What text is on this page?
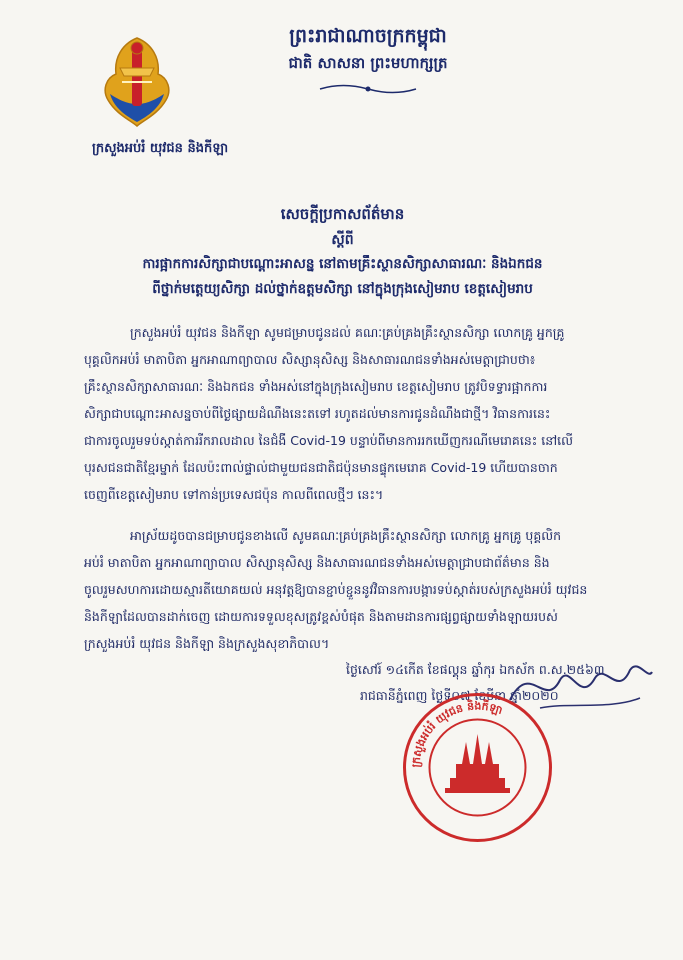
ក្រសួងអប់រំ យុវជន និងកីឡា
ព្រះរាជាណាចក្រកម្ពុជា
ជាតិ សាសនា ព្រះមហាក្សត្រ
សេចក្តីប្រកាសព័ត៌មាន
ស្តីពី
ការផ្អាកការសិក្សាជាបណ្តោះអាសន្ន នៅតាមគ្រឹះស្ថានសិក្សាសាធារណៈ និងឯកជន
ពីថ្នាក់មត្តេយ្យសិក្សា ដល់ថ្នាក់ឧត្តមសិក្សា នៅក្នុងក្រុងសៀមរាប ខេត្តសៀមរាប
ក្រសួងអប់រំ យុវជន និងកីឡា សូមជម្រាបជូនដល់ គណៈគ្រប់គ្រងគ្រឹះស្ថានសិក្សា លោកគ្រូ អ្នកគ្រូ
បុគ្គលិកអប់រំ មាតាបិតា អ្នកអាណាព្យាបាល សិស្សានុសិស្ស និងសាធារណជនទាំងអស់មេត្តាជ្រាបថា៖
គ្រឹះស្ថានសិក្សាសាធារណៈ និងឯកជន ទាំងអស់នៅក្នុងក្រុងសៀមរាប ខេត្តសៀមរាប ត្រូវបិទទ្វារផ្អាកការ
សិក្សាជាបណ្តោះអាសន្នចាប់ពីថ្ងៃផ្សាយដំណឹងនេះតទៅ រហូតដល់មានការជូនដំណឹងជាថ្មី។ វិធានការនេះ
ជាការចូលរួមទប់ស្កាត់ការរីករាលដាល នៃជំងឺ Covid-19 បន្ទាប់ពីមានការរកឃើញករណីមេរោគនេះ នៅលើ
បុរសជនជាតិខ្មែរម្នាក់ ដែលប៉ះពាល់ផ្ទាល់ជាមួយជនជាតិជប៉ុនមានផ្ទុកមេរោគ Covid-19 ហើយបានចាក
ចេញពីខេត្តសៀមរាប ទៅកាន់ប្រទេសជប៉ុន កាលពីពេលថ្មីៗ នេះ។
អាស្រ័យដូចបានជម្រាបជូនខាងលើ សូមគណៈគ្រប់គ្រងគ្រឹះស្ថានសិក្សា លោកគ្រូ អ្នកគ្រូ បុគ្គលិក
អប់រំ មាតាបិតា អ្នកអាណាព្យាបាល សិស្សានុសិស្ស និងសាធារណជនទាំងអស់មេត្តាជ្រាបជាព័ត៌មាន និង
ចូលរួមសហការដោយស្មារតីយោគយល់ អនុវត្តឱ្យបានខ្ជាប់ខ្ជួននូវវិធានការបង្ការទប់ស្កាត់របស់ក្រសួងអប់រំ យុវជន
និងកីឡាដែលបានដាក់ចេញ ដោយការទទួលខុសត្រូវខ្ពស់បំផុត និងតាមដានការផ្សព្វផ្សាយទាំងឡាយរបស់
ក្រសួងអប់រំ យុវជន និងកីឡា និងក្រសួងសុខាភិបាល។
ថ្ងៃសៅរ៍ ១៤កើត ខែផល្គុន ឆ្នាំកុរ ឯកស័ក ព.ស.២៥៦៣
រាជធានីភ្នំពេញ ថ្ងៃទី០៧ ខែមីនា ឆ្នាំ២០២០
ក្រសួងអប់រំ យុវជន និងកីឡា
